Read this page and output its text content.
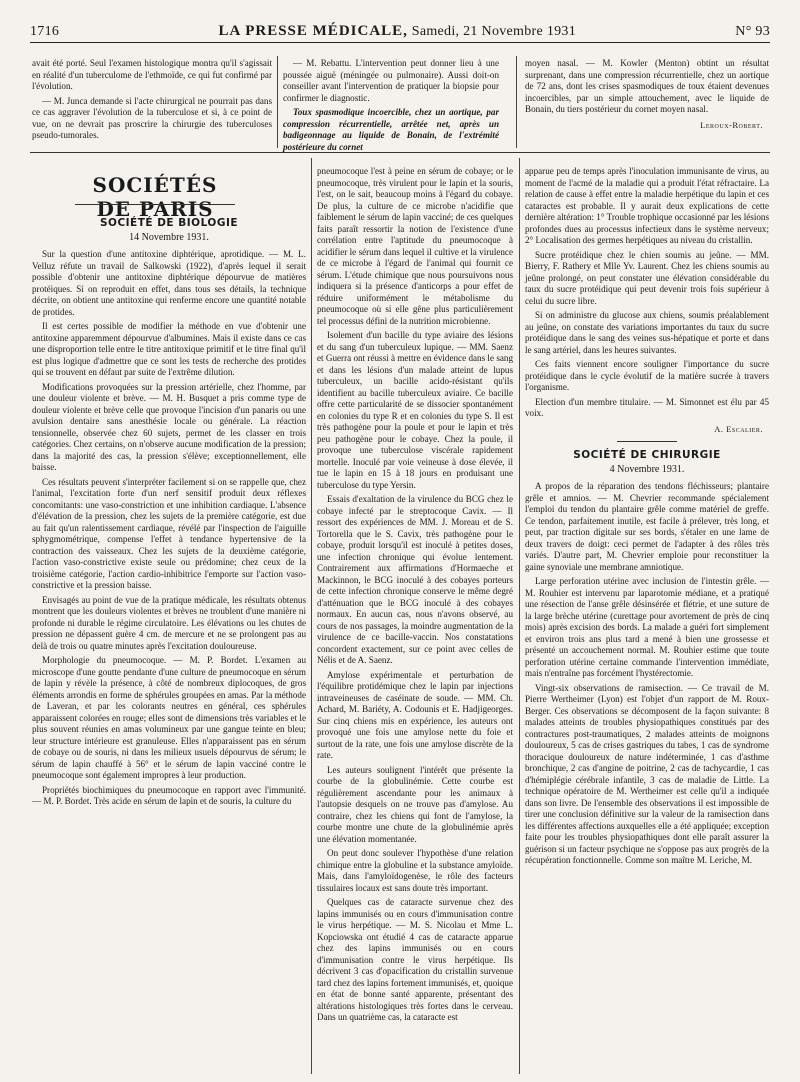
1716	LA PRESSE MÉDICALE, Samedi, 21 Novembre 1931	N° 93

avait été porté. Seul l'examen histologique montra qu'il s'agissait en réalité d'un tuberculome de l'ethmoïde, ce qui fut confirmé par l'évolution.

— M. Junca demande si l'acte chirurgical ne pourrait pas dans ce cas aggraver l'évolution de la tuberculose et si, à ce point de vue, on ne devrait pas proscrire la chirurgie des tuberculoses pseudo-tumorales.

— M. Rebattu. L'intervention peut donner lieu à une poussée aiguë (méningée ou pulmonaire). Aussi doit-on conseiller avant l'intervention de pratiquer la biopsie pour confirmer le diagnostic.

Toux spasmodique incoercible, chez un aortique, par compression récurrentielle, arrêtée net, après un badigeonnage au liquide de Bonain, de l'extrémité postérieure du cornet

moyen nasal. — M. Kowler (Menton) obtint un résultat surprenant, dans une compression récurrentielle, chez un aortique de 72 ans, dont les crises spasmodiques de toux étaient devenues incoercibles, par un simple attouchement, avec le liquide de Bonain, du tiers postérieur du cornet moyen nasal.

Leroux-Robert.
SOCIÉTÉS DE PARIS
SOCIÉTÉ DE BIOLOGIE
14 Novembre 1931.

Sur la question d'une antitoxine diphtérique, aprotidique. — M. L. Velluz réfute un travail de Salkowski (1922), d'après lequel il serait possible d'obtenir une antitoxine diphtérique dépourvue de matières protéiques. Si on reproduit en effet, dans tous ses détails, la technique décrite, on obtient une antitoxine qui renferme encore une quantité notable de protides.

Il est certes possible de modifier la méthode en vue d'obtenir une antitoxine apparemment dépourvue d'albumines. Mais il existe dans ce cas une disproportion telle entre le titre antitoxique primitif et le titre final qu'il est plus logique d'admettre que ce sont les tests de recherche des protides qui se trouvent en défaut par suite de l'extrême dilution.

Modifications provoquées sur la pression artérielle, chez l'homme, par une douleur violente et brève. — M. H. Busquet a pris comme type de douleur violente et brève celle que provoque l'incision d'un panaris ou une avulsion dentaire sans anesthésie locale ou générale. La réaction tensionnelle, observée chez 60 sujets, permet de les classer en trois catégories. Chez certains, on n'observe aucune modification de la pression; dans la majorité des cas, la pression s'élève; exceptionnellement, elle baisse.

Ces résultats peuvent s'interpréter facilement si on se rappelle que, chez l'animal, l'excitation forte d'un nerf sensitif produit deux réflexes concomitants: une vaso-constriction et une inhibition cardiaque. L'absence d'élévation de la pression, chez les sujets de la première catégorie, est due au fait qu'un ralentissement cardiaque, révélé par l'inspection de l'aiguille sphygmométrique, compense l'effet à tendance hypertensive de la contraction des vaisseaux. Chez les sujets de la deuxième catégorie, l'action vaso-constrictive existe seule ou prédomine; chez ceux de la troisième catégorie, l'action cardio-inhibitrice l'emporte sur l'action vaso-constrictive et la pression baisse.

Envisagés au point de vue de la pratique médicale, les résultats obtenus montrent que les douleurs violentes et brèves ne troublent d'une manière ni profonde ni durable le régime circulatoire. Les élévations ou les chutes de pression ne dépassent guère 4 cm. de mercure et ne se prolongent pas au delà de trois ou quatre minutes après l'excitation douloureuse.

Morphologie du pneumocoque. — M. P. Bordet. L'examen au microscope d'une goutte pendante d'une culture de pneumocoque en sérum de lapin y révèle la présence, à côté de nombreux diplocoques, de gros éléments arrondis en forme de sphérules groupées en amas. Par la méthode de Laveran, et par les colorants neutres en général, ces sphérules apparaissent colorées en rouge; elles sont de dimensions très variables et le plus souvent réunies en amas volumineux par une gangue teinte en bleu; leur structure intérieure est granuleuse. Elles n'apparaissent pas en sérum de cobaye ou de souris, ni dans les milieux usuels dépourvus de sérum; le sérum de lapin chauffé à 56° et le sérum de lapin vacciné contre le pneumocoque sont également impropres à leur production.

Propriétés biochimiques du pneumocoque en rapport avec l'immunité. — M. P. Bordet. Très acide en sérum de lapin et de souris, la culture du

pneumocoque l'est à peine en sérum de cobaye; or le pneumocoque, très virulent pour le lapin et la souris, l'est, on le sait, beaucoup moins à l'égard du cobaye. De plus, la culture de ce microbe n'acidifie que faiblement le sérum de lapin vacciné; de ces quelques faits paraît ressortir la notion de l'existence d'une corrélation entre l'aptitude du pneumocoque à acidifier le sérum dans lequel il cultive et la virulence de ce microbe à l'égard de l'animal qui fournit ce sérum. L'étude chimique que nous poursuivons nous indiquera si la présence d'anticorps a pour effet de réduire uniformément le métabolisme du pneumocoque où si elle gêne plus particulièrement tel processus défini de la nutrition microbienne.

Isolement d'un bacille du type aviaire des lésions et du sang d'un tuberculeux lupique. — MM. Saenz et Guerra ont réussi à mettre en évidence dans le sang et dans les lésions d'un malade atteint de lupus tuberculeux, un bacille acido-résistant qu'ils identifient au bacille tuberculeux aviaire. Ce bacille offre cette particularité de se dissocier spontanément en colonies du type R et en colonies du type S. Il est très pathogène pour la poule et pour le lapin et très peu pathogène pour le cobaye. Chez la poule, il provoque une tuberculose viscérale rapidement mortelle. Inoculé par voie veineuse à dose élevée, il tue le lapin en 15 à 18 jours en produisant une tuberculose du type Yersin.

Essais d'exaltation de la virulence du BCG chez le cobaye infecté par le streptocoque Cavix. — Il ressort des expériences de MM. J. Moreau et de S. Tortorella que le S. Cavix, très pathogène pour le cobaye, produit lorsqu'il est inoculé à petites doses, une infection chronique qui évolue lentement. Contrairement aux affirmations d'Hormaeche et Mackinnon, le BCG inoculé à des cobayes porteurs de cette infection chronique conserve le même degré d'atténuation que le BCG inoculé à des cobayes normaux. En aucun cas, nous n'avons observé, au cours de nos passages, la moindre augmentation de la virulence de ce bacille-vaccin. Nos constatations concordent exactement, sur ce point avec celles de Nélis et de A. Saenz.

Amylose expérimentale et perturbation de l'équilibre protidémique chez le lapin par injections intraveineuses de caséinate de soude. — MM. Ch. Achard, M. Bariéty, A. Codounis et E. Hadjigeorges. Sur cinq chiens mis en expérience, les auteurs ont provoqué une fois une amylose nette du foie et surtout de la rate, une fois une amylose discrète de la rate.

Les auteurs soulignent l'intérêt que présente la courbe de la globulinémie. Cette courbe est régulièrement ascendante pour les animaux à l'autopsie desquels on ne trouve pas d'amylose. Au contraire, chez les chiens qui font de l'amylose, la courbe montre une chute de la globulinémie après une élévation momentanée.

On peut donc soulever l'hypothèse d'une relation chimique entre la globuline et la substance amyloïde. Mais, dans l'amyloïdogenèse, le rôle des facteurs tissulaires locaux est sans doute très important.

Quelques cas de cataracte survenue chez des lapins immunisés ou en cours d'immunisation contre le virus herpétique. — M. S. Nicolau et Mme L. Kopciowska ont étudié 4 cas de cataracte apparue chez des lapins immunisés ou en cours d'immunisation contre le virus herpétique. Ils décrivent 3 cas d'opacification du cristallin survenue tard chez des lapins fortement immunisés, et, quoique en état de bonne santé apparente, présentant des altérations histologiques très fortes dans le cerveau. Dans un quatrième cas, la cataracte est

apparue peu de temps après l'inoculation immunisante de virus, au moment de l'acmé de la maladie qui a produit l'état réfractaire. La relation de cause à effet entre la maladie herpétique du lapin et ces cataractes est probable. Il y aurait deux explications de cette dernière altération: 1° Trouble trophique occasionné par les lésions profondes dues au processus infectieux dans le système nerveux; 2° Localisation des germes herpétiques au niveau du cristallin.

Sucre protéidique chez le chien soumis au jeûne. — MM. Bierry, F. Rathery et Mlle Yv. Laurent. Chez les chiens soumis au jeûne prolongé, on peut constater une élévation considérable du taux du sucre protéidique qui peut devenir trois fois supérieur à celui du sucre libre.

Si on administre du glucose aux chiens, soumis préalablement au jeûne, on constate des variations importantes du taux du sucre protéidique dans le sang des veines sus-hépatique et porte et dans le sang artériel, dans les heures suivantes.

Ces faits viennent encore souligner l'importance du sucre protéidique dans le cycle évolutif de la matière sucrée à travers l'organisme.

Election d'un membre titulaire. — M. Simonnet est élu par 45 voix.

A. Escalier.
SOCIÉTÉ DE CHIRURGIE
4 Novembre 1931.

A propos de la réparation des tendons fléchisseurs; plantaire grêle et amnios. — M. Chevrier recommande spécialement l'emploi du tendon du plantaire grêle comme matériel de greffe. Ce tendon, parfaitement inutile, est facile à prélever, très long, et peut, par traction digitale sur ses bords, s'étaler en une lame de deux travers de doigt: ceci permet de l'adapter à des rôles très variés. D'autre part, M. Chevrier emploie pour reconstituer la gaine synoviale une membrane amniotique.

Large perforation utérine avec inclusion de l'intestin grêle. — M. Rouhier est intervenu par laparotomie médiane, et a pratiqué une résection de l'anse grêle désinsérée et flétrie, et une suture de la large brèche utérine (curettage pour avortement de près de cinq mois) après excision des bords. La malade a guéri fort simplement et environ trois ans plus tard a mené à bien une grossesse et présenté un accouchement normal. M. Rouhier estime que toute perforation utérine certaine commande l'intervention immédiate, mais n'entraîne pas forcément l'hystérectomie.

Vingt-six observations de ramisection. — Ce travail de M. Pierre Wertheimer (Lyon) est l'objet d'un rapport de M. Roux-Berger. Ces observations se décomposent de la façon suivante: 8 malades atteints de troubles physiopathiques constitués par des contractures post-traumatiques, 2 malades atteints de moignons douloureux, 5 cas de crises gastriques du tabes, 1 cas de syndrome thoracique douloureux de nature indéterminée, 1 cas d'asthme bronchique, 2 cas d'angine de poitrine, 2 cas de tachycardie, 1 cas d'hémiplégie cérébrale infantile, 3 cas de maladie de Little. La technique opératoire de M. Wertheimer est celle qu'il a indiquée dans son livre. De l'ensemble des observations il est impossible de tirer une conclusion définitive sur la valeur de la ramisection dans les différentes affections auxquelles elle a été appliquée; exception faite pour les troubles physiopathiques dont elle paraît assurer la guérison si un facteur psychique ne s'oppose pas aux progrès de la récupération fonctionnelle. Comme son maître M. Leriche, M.
